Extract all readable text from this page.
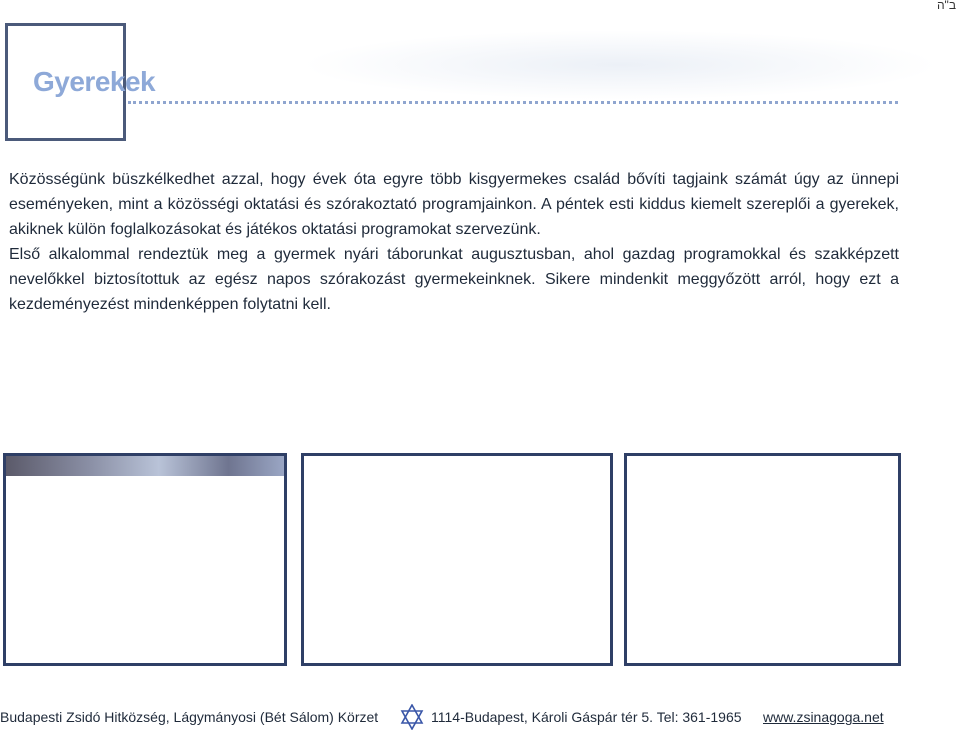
ב"ה
Gyerekek

Közösségünk büszkélkedhet azzal, hogy évek óta egyre több kisgyermekes család bővíti tagjaink számát úgy az ünnepi eseményeken, mint a közösségi oktatási és szórakoztató programjainkon. A péntek esti kiddus kiemelt szereplői a gyerekek, akiknek külön foglalkozásokat és játékos oktatási programokat szervezünk.

Első alkalommal rendeztük meg a gyermek nyári táborunkat augusztusban, ahol gazdag programokkal és szakképzett nevelőkkel biztosítottuk az egész napos szórakozást gyermekeinknek. Sikere mindenkit meggyőzött arról, hogy ezt a kezdeményezést mindenképpen folytatni kell.

Budapesti Zsidó Hitközség, Lágymányosi (Bét Sálom) Körzet	1114-Budapest, Károli Gáspár tér 5. Tel: 361-1965 www.zsinagoga.net
